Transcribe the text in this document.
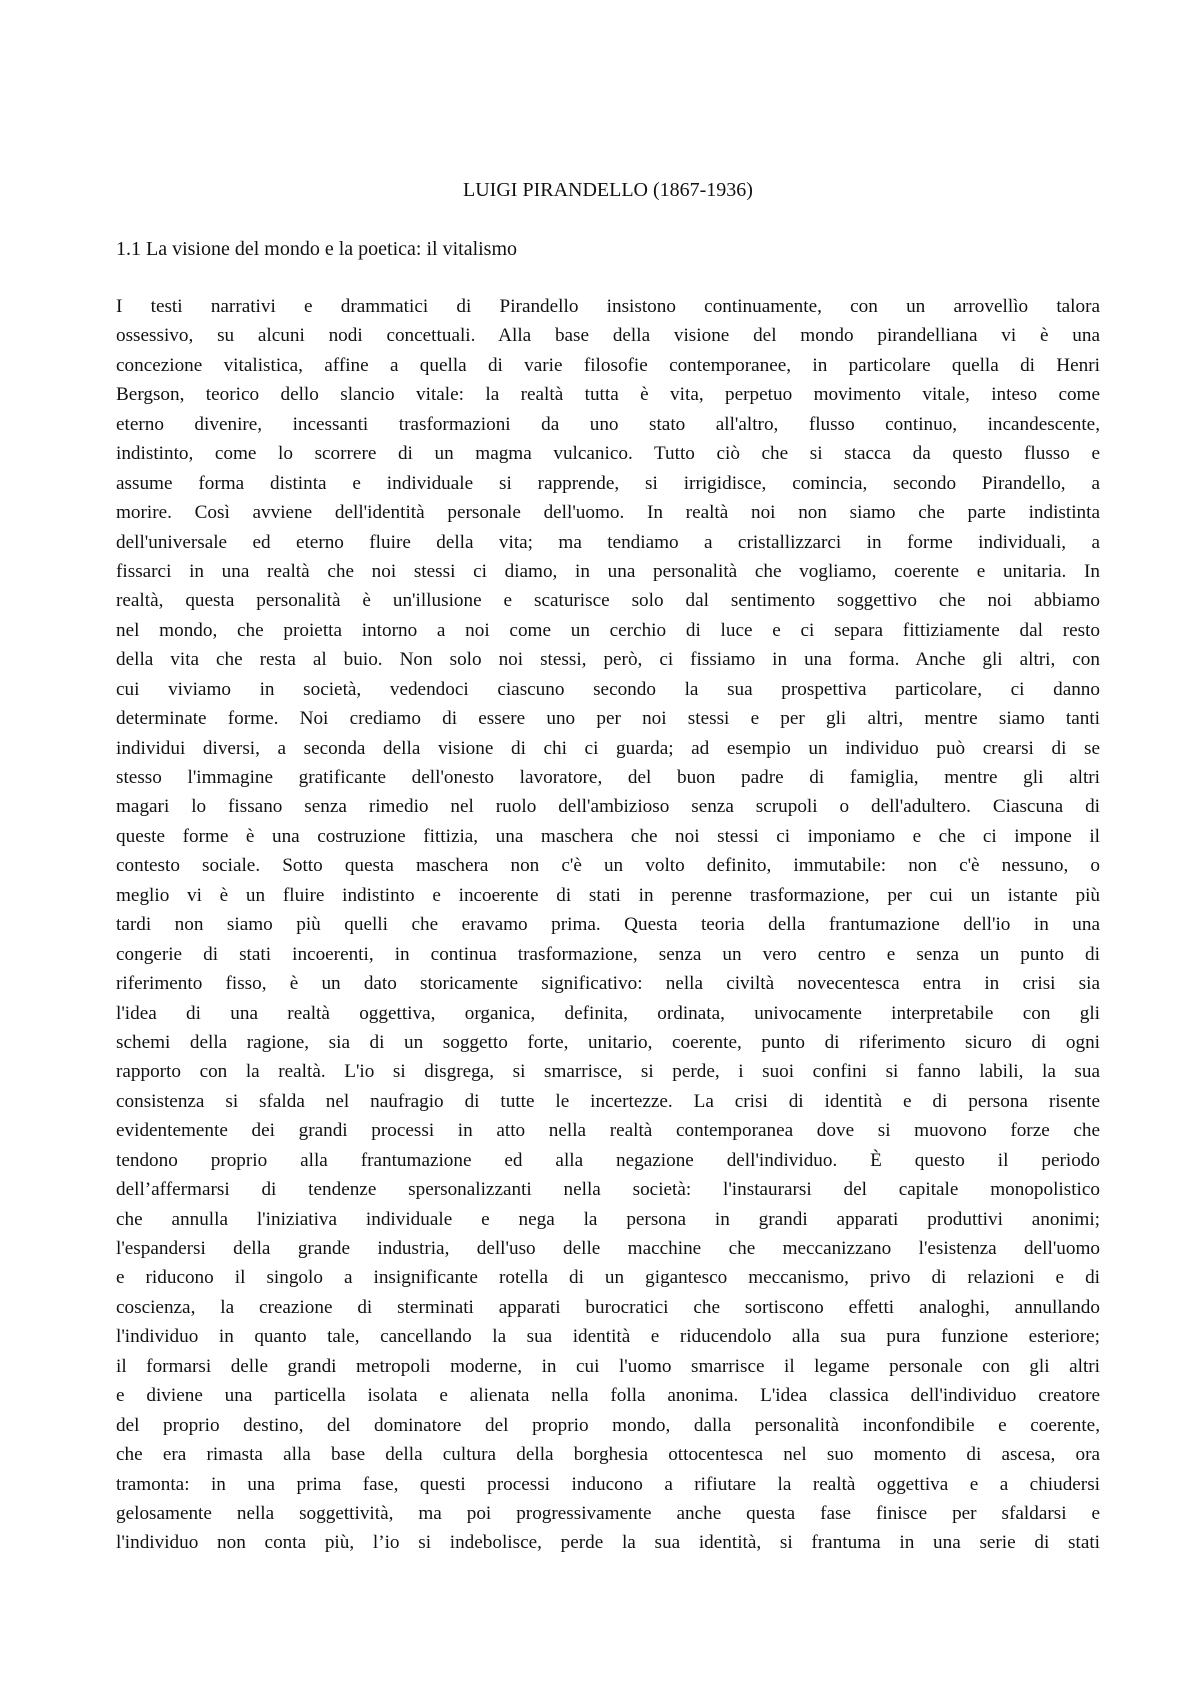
LUIGI PIRANDELLO (1867-1936)
1.1 La visione del mondo e la poetica: il vitalismo
I testi narrativi e drammatici di Pirandello insistono continuamente, con un arrovellìo talora
ossessivo, su alcuni nodi concettuali. Alla base della visione del mondo pirandelliana vi è una
concezione vitalistica, affine a quella di varie filosofie contemporanee, in particolare quella di Henri
Bergson, teorico dello slancio vitale: la realtà tutta è vita, perpetuo movimento vitale, inteso come
eterno divenire, incessanti trasformazioni da uno stato all'altro, flusso continuo, incandescente,
indistinto, come lo scorrere di un magma vulcanico. Tutto ciò che si stacca da questo flusso e
assume forma distinta e individuale si rapprende, si irrigidisce, comincia, secondo Pirandello, a
morire. Così avviene dell'identità personale dell'uomo. In realtà noi non siamo che parte indistinta
dell'universale ed eterno fluire della vita; ma tendiamo a cristallizzarci in forme individuali, a
fissarci in una realtà che noi stessi ci diamo, in una personalità che vogliamo, coerente e unitaria. In
realtà, questa personalità è un'illusione e scaturisce solo dal sentimento soggettivo che noi abbiamo
nel mondo, che proietta intorno a noi come un cerchio di luce e ci separa fittiziamente dal resto
della vita che resta al buio. Non solo noi stessi, però, ci fissiamo in una forma. Anche gli altri, con
cui viviamo in società, vedendoci ciascuno secondo la sua prospettiva particolare, ci danno
determinate forme. Noi crediamo di essere uno per noi stessi e per gli altri, mentre siamo tanti
individui diversi, a seconda della visione di chi ci guarda; ad esempio un individuo può crearsi di se
stesso l'immagine gratificante dell'onesto lavoratore, del buon padre di famiglia, mentre gli altri
magari lo fissano senza rimedio nel ruolo dell'ambizioso senza scrupoli o dell'adultero. Ciascuna di
queste forme è una costruzione fittizia, una maschera che noi stessi ci imponiamo e che ci impone il
contesto sociale. Sotto questa maschera non c'è un volto definito, immutabile: non c'è nessuno, o
meglio vi è un fluire indistinto e incoerente di stati in perenne trasformazione, per cui un istante più
tardi non siamo più quelli che eravamo prima. Questa teoria della frantumazione dell'io in una
congerie di stati incoerenti, in continua trasformazione, senza un vero centro e senza un punto di
riferimento fisso, è un dato storicamente significativo: nella civiltà novecentesca entra in crisi sia
l'idea di una realtà oggettiva, organica, definita, ordinata, univocamente interpretabile con gli
schemi della ragione, sia di un soggetto forte, unitario, coerente, punto di riferimento sicuro di ogni
rapporto con la realtà. L'io si disgrega, si smarrisce, si perde, i suoi confini si fanno labili, la sua
consistenza si sfalda nel naufragio di tutte le incertezze. La crisi di identità e di persona risente
evidentemente dei grandi processi in atto nella realtà contemporanea dove si muovono forze che
tendono proprio alla frantumazione ed alla negazione dell'individuo. È questo il periodo
dell’affermarsi di tendenze spersonalizzanti nella società: l'instaurarsi del capitale monopolistico
che annulla l'iniziativa individuale e nega la persona in grandi apparati produttivi anonimi;
l'espandersi della grande industria, dell'uso delle macchine che meccanizzano l'esistenza dell'uomo
e riducono il singolo a insignificante rotella di un gigantesco meccanismo, privo di relazioni e di
coscienza, la creazione di sterminati apparati burocratici che sortiscono effetti analoghi, annullando
l'individuo in quanto tale, cancellando la sua identità e riducendolo alla sua pura funzione esteriore;
il formarsi delle grandi metropoli moderne, in cui l'uomo smarrisce il legame personale con gli altri
e diviene una particella isolata e alienata nella folla anonima. L'idea classica dell'individuo creatore
del proprio destino, del dominatore del proprio mondo, dalla personalità inconfondibile e coerente,
che era rimasta alla base della cultura della borghesia ottocentesca nel suo momento di ascesa, ora
tramonta: in una prima fase, questi processi inducono a rifiutare la realtà oggettiva e a chiudersi
gelosamente nella soggettività, ma poi progressivamente anche questa fase finisce per sfaldarsi e
l'individuo non conta più, l’io si indebolisce, perde la sua identità, si frantuma in una serie di stati
